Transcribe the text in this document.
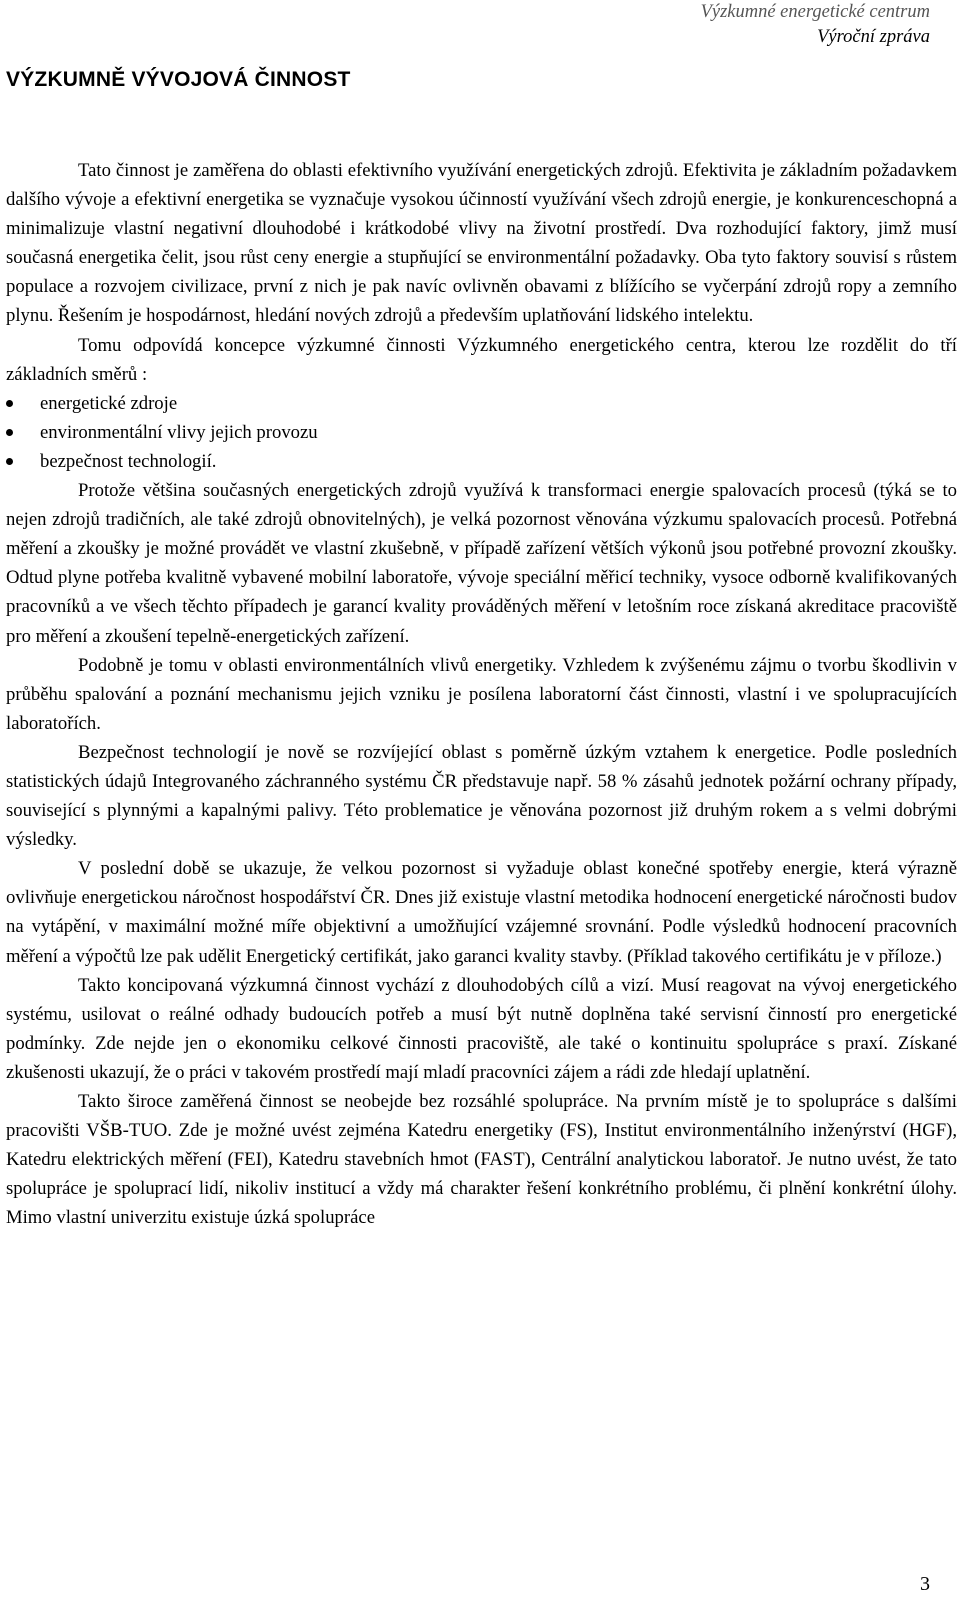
Výzkumné energetické centrum
Výroční zpráva
VÝZKUMNĚ VÝVOJOVÁ ČINNOST

Tato činnost je zaměřena do oblasti efektivního využívání energetických zdrojů. Efektivita je základním požadavkem dalšího vývoje a efektivní energetika se vyznačuje vysokou účinností využívání všech zdrojů energie, je konkurenceschopná a minimalizuje vlastní negativní dlouhodobé i krátkodobé vlivy na životní prostředí. Dva rozhodující faktory, jimž musí současná energetika čelit, jsou růst ceny energie a stupňující se environmentální požadavky. Oba tyto faktory souvisí s růstem populace a rozvojem civilizace, první z nich je pak navíc ovlivněn obavami z blížícího se vyčerpání zdrojů ropy a zemního plynu. Řešením je hospodárnost, hledání nových zdrojů a především uplatňování lidského intelektu.

Tomu odpovídá koncepce výzkumné činnosti Výzkumného energetického centra, kterou lze rozdělit do tří základních směrů :

energetické zdroje
environmentální vlivy jejich provozu
bezpečnost technologií.

Protože většina současných energetických zdrojů využívá k transformaci energie spalovacích procesů (týká se to nejen zdrojů tradičních, ale také zdrojů obnovitelných), je velká pozornost věnována výzkumu spalovacích procesů. Potřebná měření a zkoušky je možné provádět ve vlastní zkušebně, v případě zařízení větších výkonů jsou potřebné provozní zkoušky. Odtud plyne potřeba kvalitně vybavené mobilní laboratoře, vývoje speciální měřicí techniky, vysoce odborně kvalifikovaných pracovníků a ve všech těchto případech je garancí kvality prováděných měření v letošním roce získaná akreditace pracoviště pro měření a zkoušení tepelně-energetických zařízení.

Podobně je tomu v oblasti environmentálních vlivů energetiky. Vzhledem k zvýšenému zájmu o tvorbu škodlivin v průběhu spalování a poznání mechanismu jejich vzniku je posílena laboratorní část činnosti, vlastní i ve spolupracujících laboratořích.

Bezpečnost technologií je nově se rozvíjející oblast s poměrně úzkým vztahem k energetice. Podle posledních statistických údajů Integrovaného záchranného systému ČR představuje např. 58 % zásahů jednotek požární ochrany případy, související s plynnými a kapalnými palivy. Této problematice je věnována pozornost již druhým rokem a s velmi dobrými výsledky.

V poslední době se ukazuje, že velkou pozornost si vyžaduje oblast konečné spotřeby energie, která výrazně ovlivňuje energetickou náročnost hospodářství ČR. Dnes již existuje vlastní metodika hodnocení energetické náročnosti budov na vytápění, v maximální možné míře objektivní a umožňující vzájemné srovnání. Podle výsledků hodnocení pracovních měření a výpočtů lze pak udělit Energetický certifikát, jako garanci kvality stavby. (Příklad takového certifikátu je v příloze.)

Takto koncipovaná výzkumná činnost vychází z dlouhodobých cílů a vizí. Musí reagovat na vývoj energetického systému, usilovat o reálné odhady budoucích potřeb a musí být nutně doplněna také servisní činností pro energetické podmínky. Zde nejde jen o ekonomiku celkové činnosti pracoviště, ale také o kontinuitu spolupráce s praxí. Získané zkušenosti ukazují, že o práci v takovém prostředí mají mladí pracovníci zájem a rádi zde hledají uplatnění.

Takto široce zaměřená činnost se neobejde bez rozsáhlé spolupráce. Na prvním místě je to spolupráce s dalšími pracovišti VŠB-TUO. Zde je možné uvést zejména Katedru energetiky (FS), Institut environmentálního inženýrství (HGF), Katedru elektrických měření (FEI), Katedru stavebních hmot (FAST), Centrální analytickou laboratoř. Je nutno uvést, že tato spolupráce je spoluprací lidí, nikoliv institucí a vždy má charakter řešení konkrétního problému, či plnění konkrétní úlohy. Mimo vlastní univerzitu existuje úzká spolupráce

3
